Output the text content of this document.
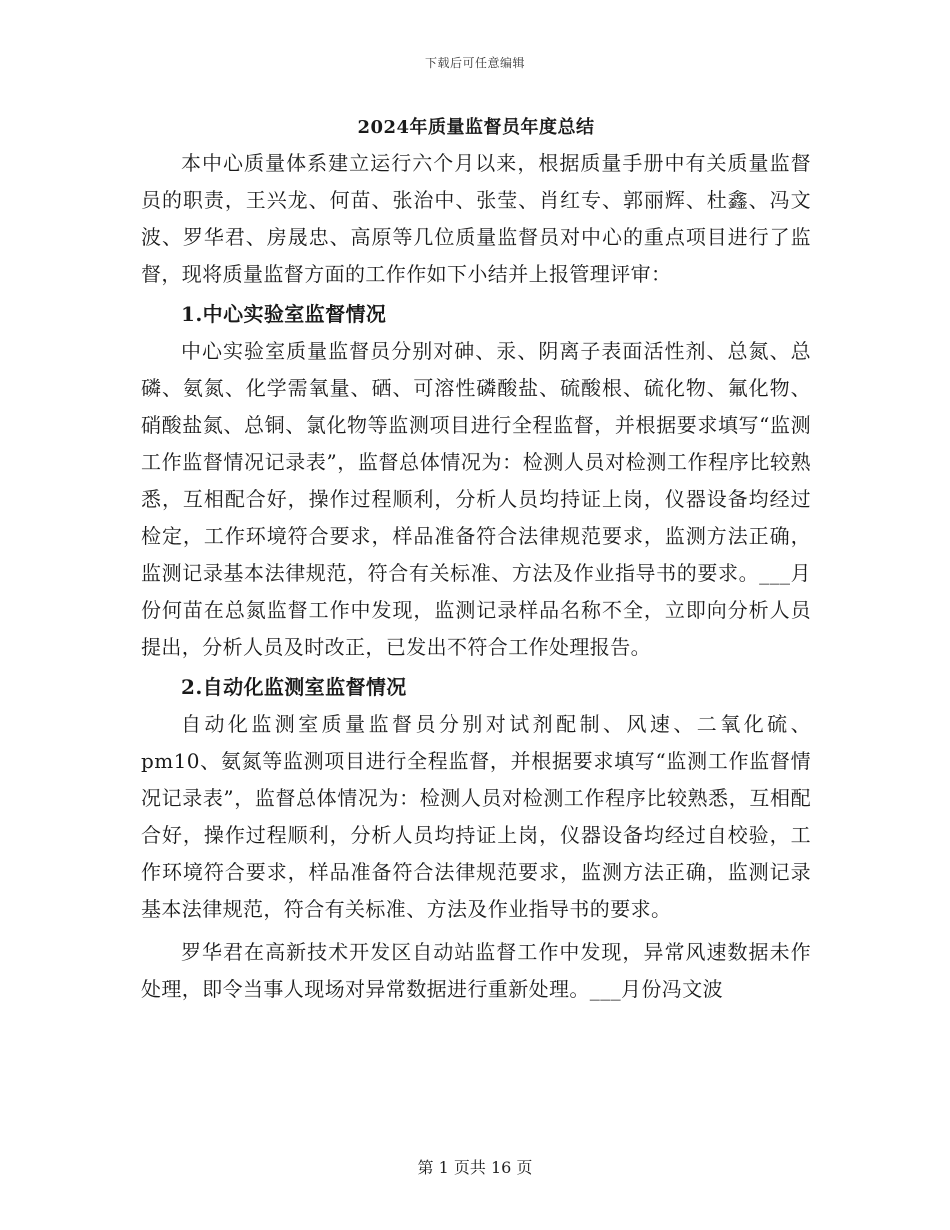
下载后可任意编辑
2024年质量监督员年度总结

本中心质量体系建立运行六个月以来，根据质量手册中有关质量监督员的职责，王兴龙、何苗、张治中、张莹、肖红专、郭丽辉、杜鑫、冯文波、罗华君、房晟忠、高原等几位质量监督员对中心的重点项目进行了监督，现将质量监督方面的工作作如下小结并上报管理评审：

1.中心实验室监督情况

中心实验室质量监督员分别对砷、汞、阴离子表面活性剂、总氮、总磷、氨氮、化学需氧量、硒、可溶性磷酸盐、硫酸根、硫化物、氟化物、硝酸盐氮、总铜、氯化物等监测项目进行全程监督，并根据要求填写“监测工作监督情况记录表”，监督总体情况为：检测人员对检测工作程序比较熟悉，互相配合好，操作过程顺利，分析人员均持证上岗，仪器设备均经过检定，工作环境符合要求，样品准备符合法律规范要求，监测方法正确，监测记录基本法律规范，符合有关标准、方法及作业指导书的要求。___月份何苗在总氮监督工作中发现，监测记录样品名称不全，立即向分析人员提出，分析人员及时改正，已发出不符合工作处理报告。

2.自动化监测室监督情况

自动化监测室质量监督员分别对试剂配制、风速、二氧化硫、pm10、氨氮等监测项目进行全程监督，并根据要求填写“监测工作监督情况记录表”，监督总体情况为：检测人员对检测工作程序比较熟悉，互相配合好，操作过程顺利，分析人员均持证上岗，仪器设备均经过自校验，工作环境符合要求，样品准备符合法律规范要求，监测方法正确，监测记录基本法律规范，符合有关标准、方法及作业指导书的要求。

罗华君在高新技术开发区自动站监督工作中发现，异常风速数据未作处理，即令当事人现场对异常数据进行重新处理。___月份冯文波

第 1 页共 16 页
